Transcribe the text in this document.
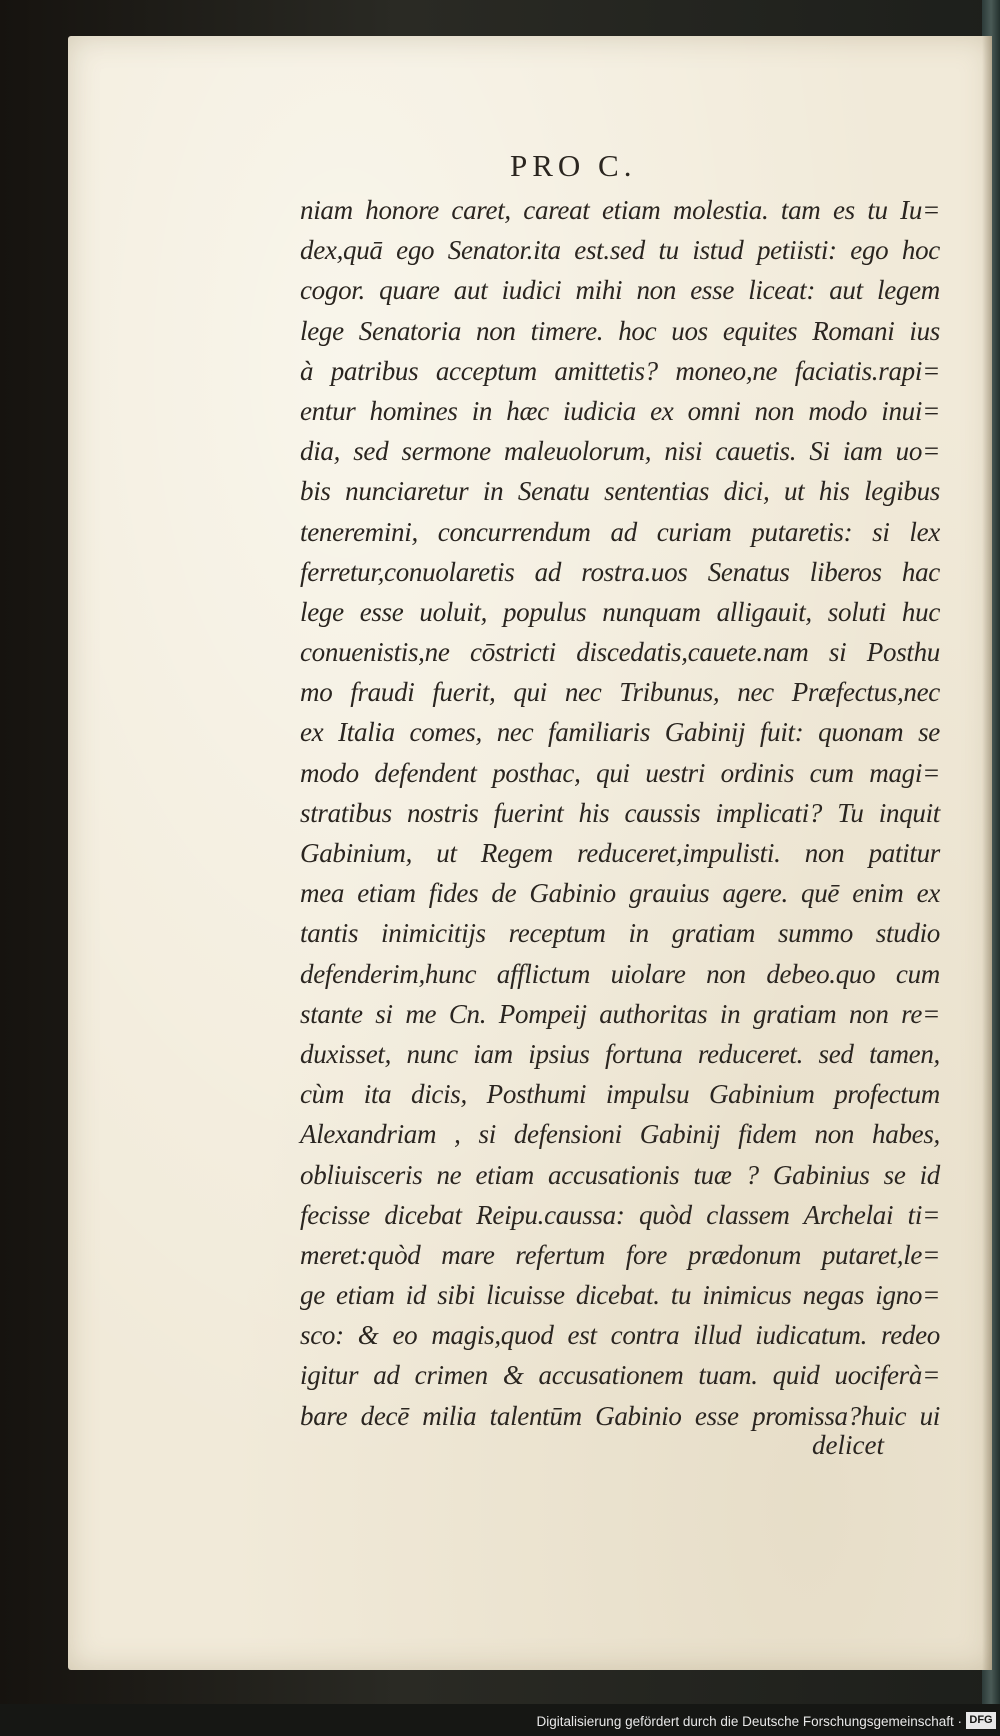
PRO C.
niam honore caret, careat etiam molestia. tam es tu Iu=
dex,quā ego Senator.ita est.sed tu istud petiisti: ego hoc
cogor. quare aut iudici mihi non esse liceat: aut legem
lege Senatoria non timere. hoc uos equites Romani ius
à patribus acceptum amittetis? moneo,ne faciatis.rapi=
entur homines in hæc iudicia ex omni non modo inui=
dia, sed sermone maleuolorum, nisi cauetis. Si iam uo=
bis nunciaretur in Senatu sententias dici, ut his legibus
teneremini, concurrendum ad curiam putaretis: si lex
ferretur,conuolaretis ad rostra.uos Senatus liberos hac
lege esse uoluit, populus nunquam alligauit, soluti huc
conuenistis,ne cōstricti discedatis,cauete.nam si Posthu
mo fraudi fuerit, qui nec Tribunus, nec Præfectus,nec
ex Italia comes, nec familiaris Gabinij fuit: quonam se
modo defendent posthac, qui uestri ordinis cum magi=
stratibus nostris fuerint his caussis implicati? Tu inquit
Gabinium, ut Regem reduceret,impulisti. non patitur
mea etiam fides de Gabinio grauius agere. quē enim ex
tantis inimicitijs receptum in gratiam summo studio
defenderim,hunc afflictum uiolare non debeo.quo cum
stante si me Cn. Pompeij authoritas in gratiam non re=
duxisset, nunc iam ipsius fortuna reduceret. sed tamen,
cùm ita dicis, Posthumi impulsu Gabinium profectum
Alexandriam , si defensioni Gabinij fidem non habes,
obliuisceris ne etiam accusationis tuæ ? Gabinius se id
fecisse dicebat Reipu.caussa: quòd classem Archelai ti=
meret:quòd mare refertum fore prædonum putaret,le=
ge etiam id sibi licuisse dicebat. tu inimicus negas igno=
sco: & eo magis,quod est contra illud iudicatum. redeo
igitur ad crimen & accusationem tuam. quid uociferà=
bare decē milia talentūm Gabinio esse promissa?huic ui
delicet
Digitalisierung gefördert durch die Deutsche Forschungsgemeinschaft · DFG
